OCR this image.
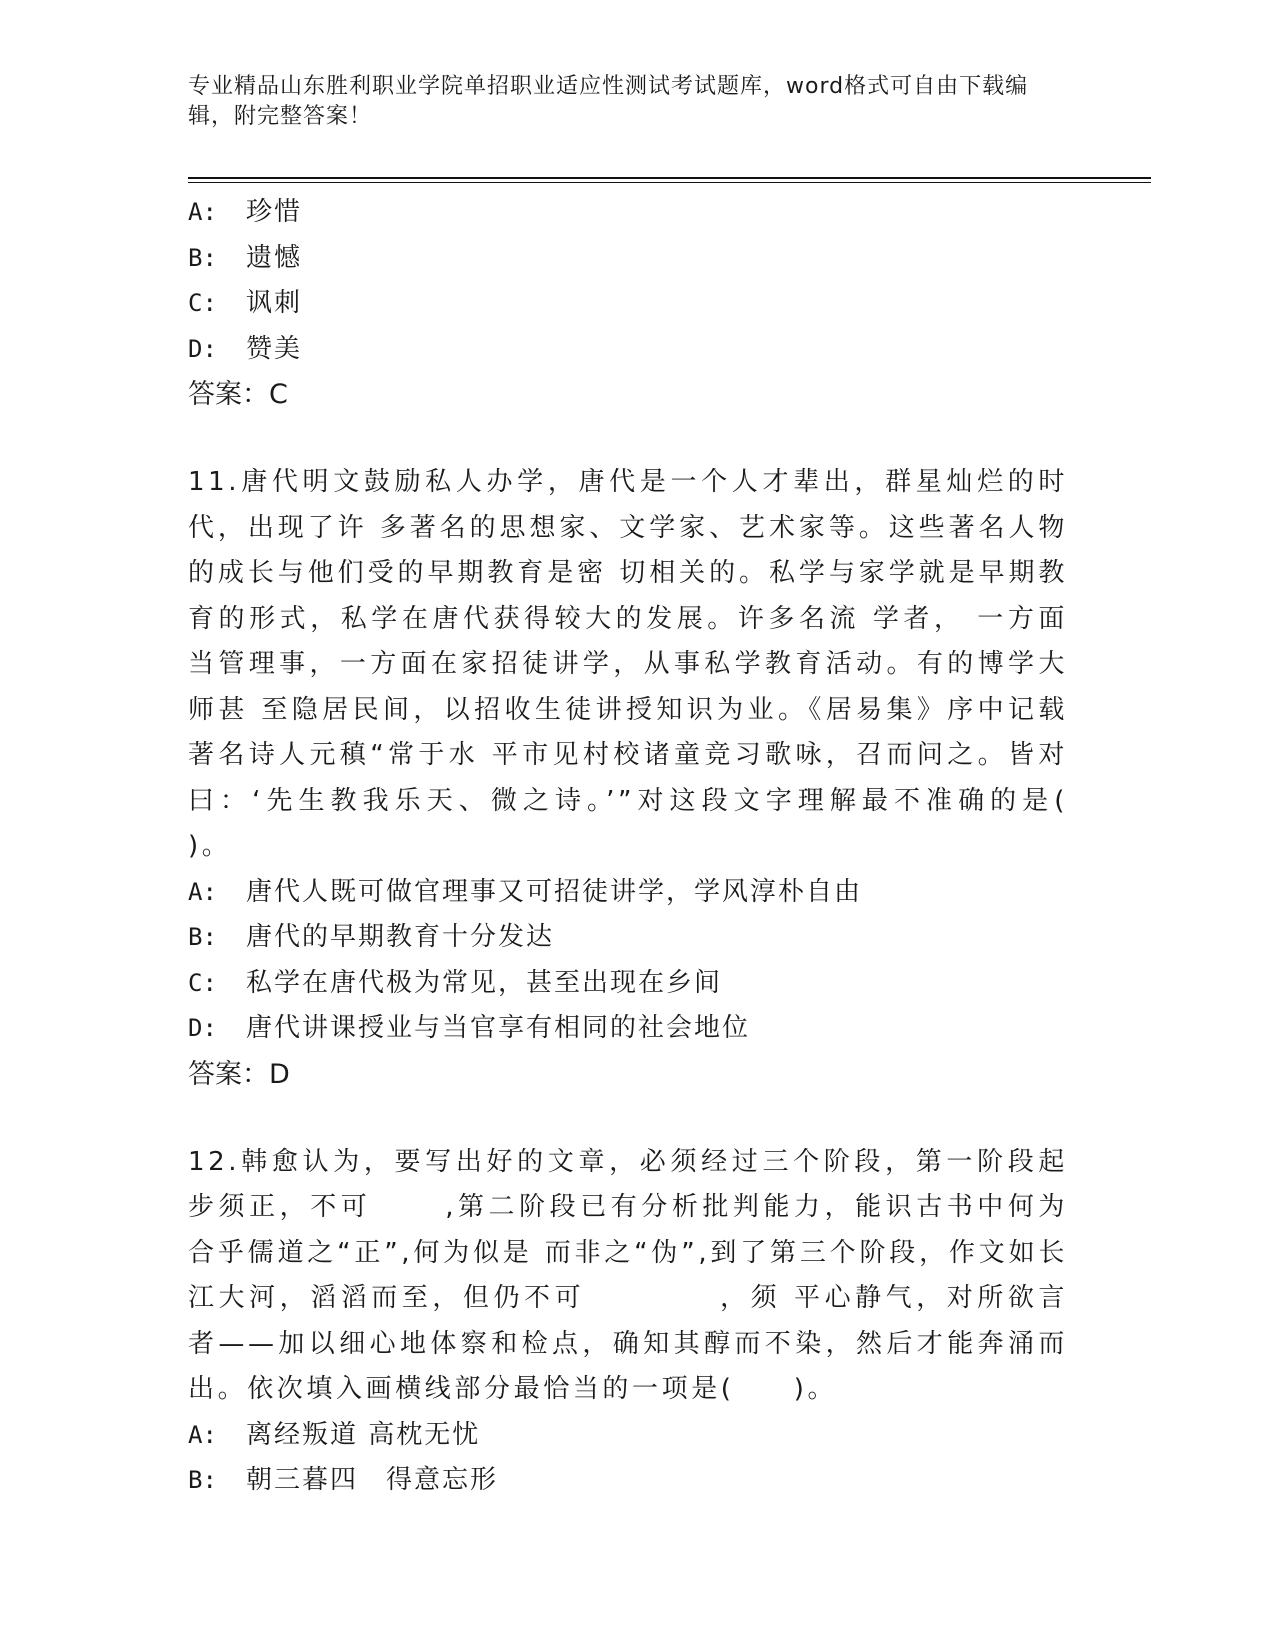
专业精品山东胜利职业学院单招职业适应性测试考试题库，word格式可自由下载编辑，附完整答案！
A: 珍惜
B: 遗憾
C: 讽刺
D: 赞美
答案：C
11.唐代明文鼓励私人办学，唐代是一个人才辈出，群星灿烂的时代，出现了许 多著名的思想家、文学家、艺术家等。这些著名人物的成长与他们受的早期教育是密 切相关的。私学与家学就是早期教育的形式，私学在唐代获得较大的发展。许多名流 学者， 一方面当管理事，一方面在家招徒讲学，从事私学教育活动。有的博学大师甚 至隐居民间，以招收生徒讲授知识为业。《居易集》序中记载著名诗人元稹“常于水 平市见村校诸童竞习歌咏，召而问之。皆对曰：‘先生教我乐天、微之诗。’”对这段文字理解最不准确的是(　　)。
A: 唐代人既可做官理事又可招徒讲学，学风淳朴自由
B: 唐代的早期教育十分发达
C: 私学在唐代极为常见，甚至出现在乡间
D: 唐代讲课授业与当官享有相同的社会地位
答案：D
12.韩愈认为，要写出好的文章，必须经过三个阶段，第一阶段起步须正，不可　　 ,第二阶段已有分析批判能力，能识古书中何为合乎儒道之“正”,何为似是 而非之“伪”,到了第三个阶段，作文如长江大河，滔滔而至，但仍不可　　　　 ，须 平心静气，对所欲言者——加以细心地体察和检点，确知其醇而不染，然后才能奔涌而出。依次填入画横线部分最恰当的一项是(　　)。
A: 离经叛道 高枕无忧
B: 朝三暮四　得意忘形
